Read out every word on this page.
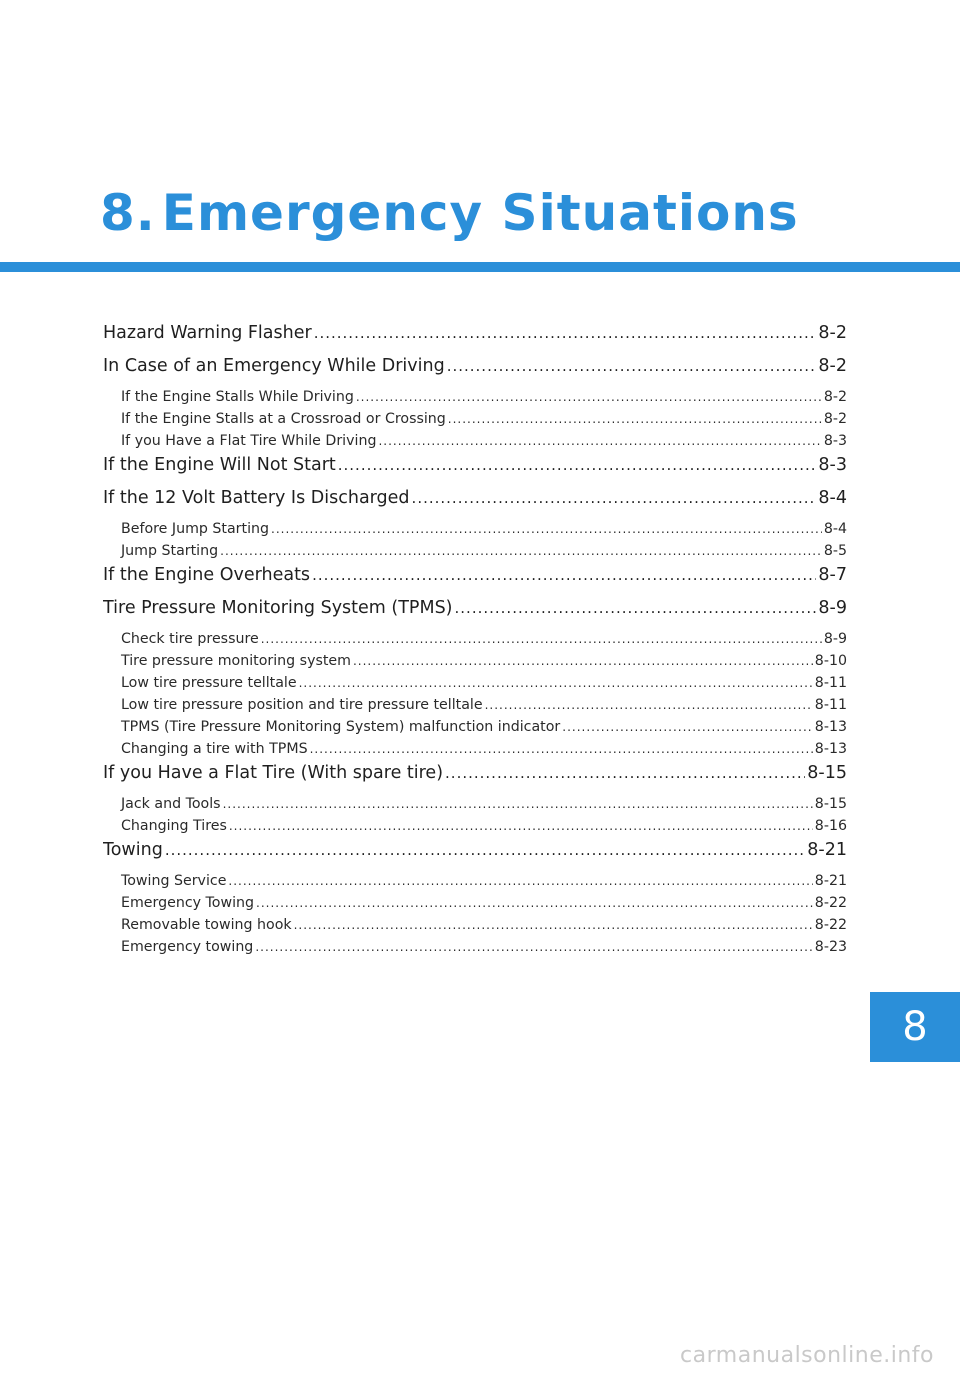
8. Emergency Situations
Hazard Warning Flasher .....	8-2
In Case of an Emergency While Driving .....	8-2
If the Engine Stalls While Driving .....	8-2
If the Engine Stalls at a Crossroad or Crossing .....	8-2
If you Have a Flat Tire While Driving .....	8-3
If the Engine Will Not Start .....	8-3
If the 12 Volt Battery Is Discharged .....	8-4
Before Jump Starting .....	8-4
Jump Starting .....	8-5
If the Engine Overheats .....	8-7
Tire Pressure Monitoring System (TPMS) .....	8-9
Check tire pressure .....	8-9
Tire pressure monitoring system .....	8-10
Low tire pressure telltale .....	8-11
Low tire pressure position and tire pressure telltale .....	8-11
TPMS (Tire Pressure Monitoring System) malfunction indicator .....	8-13
Changing a tire with TPMS .....	8-13
If you Have a Flat Tire (With spare tire) .....	8-15
Jack and Tools .....	8-15
Changing Tires .....	8-16
Towing .....	8-21
Towing Service .....	8-21
Emergency Towing .....	8-22
Removable towing hook .....	8-22
Emergency towing .....	8-23
8
carmanualsonline.info
